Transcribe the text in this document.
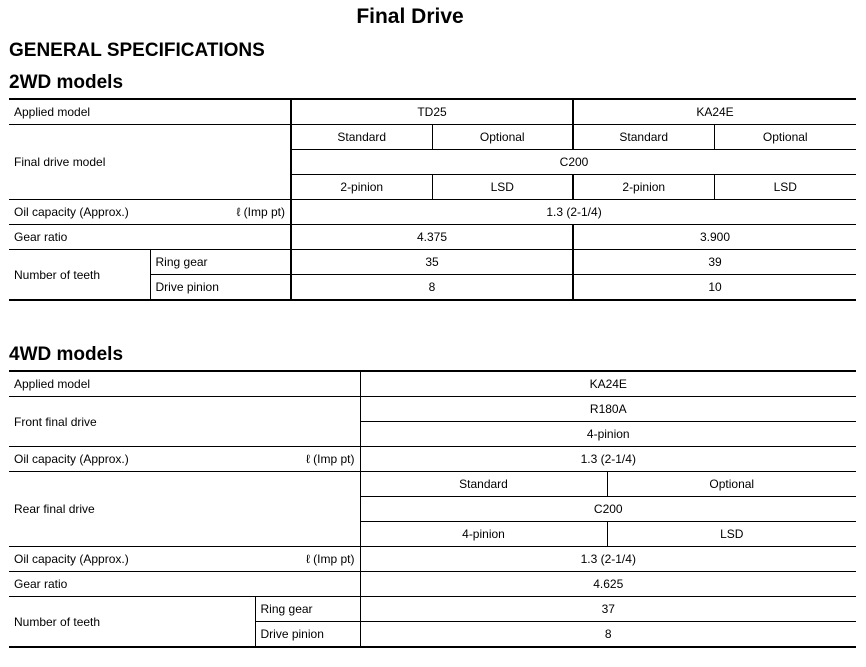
Final Drive
GENERAL SPECIFICATIONS
2WD models
Applied model		TD25		KA24E	
Final drive model		Standard	Optional	Standard	Optional
		C200			
		2-pinion	LSD	2-pinion	LSD
Oil capacity (Approx.) ℓ (Imp pt)		1.3 (2-1/4)			
Gear ratio		4.375		3.900	
Number of teeth	Ring gear	35		39	
	Drive pinion	8		10	
4WD models
Applied model		KA24E	
Front final drive		R180A	
		4-pinion	
Oil capacity (Approx.) ℓ (Imp pt)		1.3 (2-1/4)	
Rear final drive		Standard	Optional
		C200	
		4-pinion	LSD
Oil capacity (Approx.) ℓ (Imp pt)		1.3 (2-1/4)	
Gear ratio		4.625	
Number of teeth	Ring gear	37	
	Drive pinion	8	
